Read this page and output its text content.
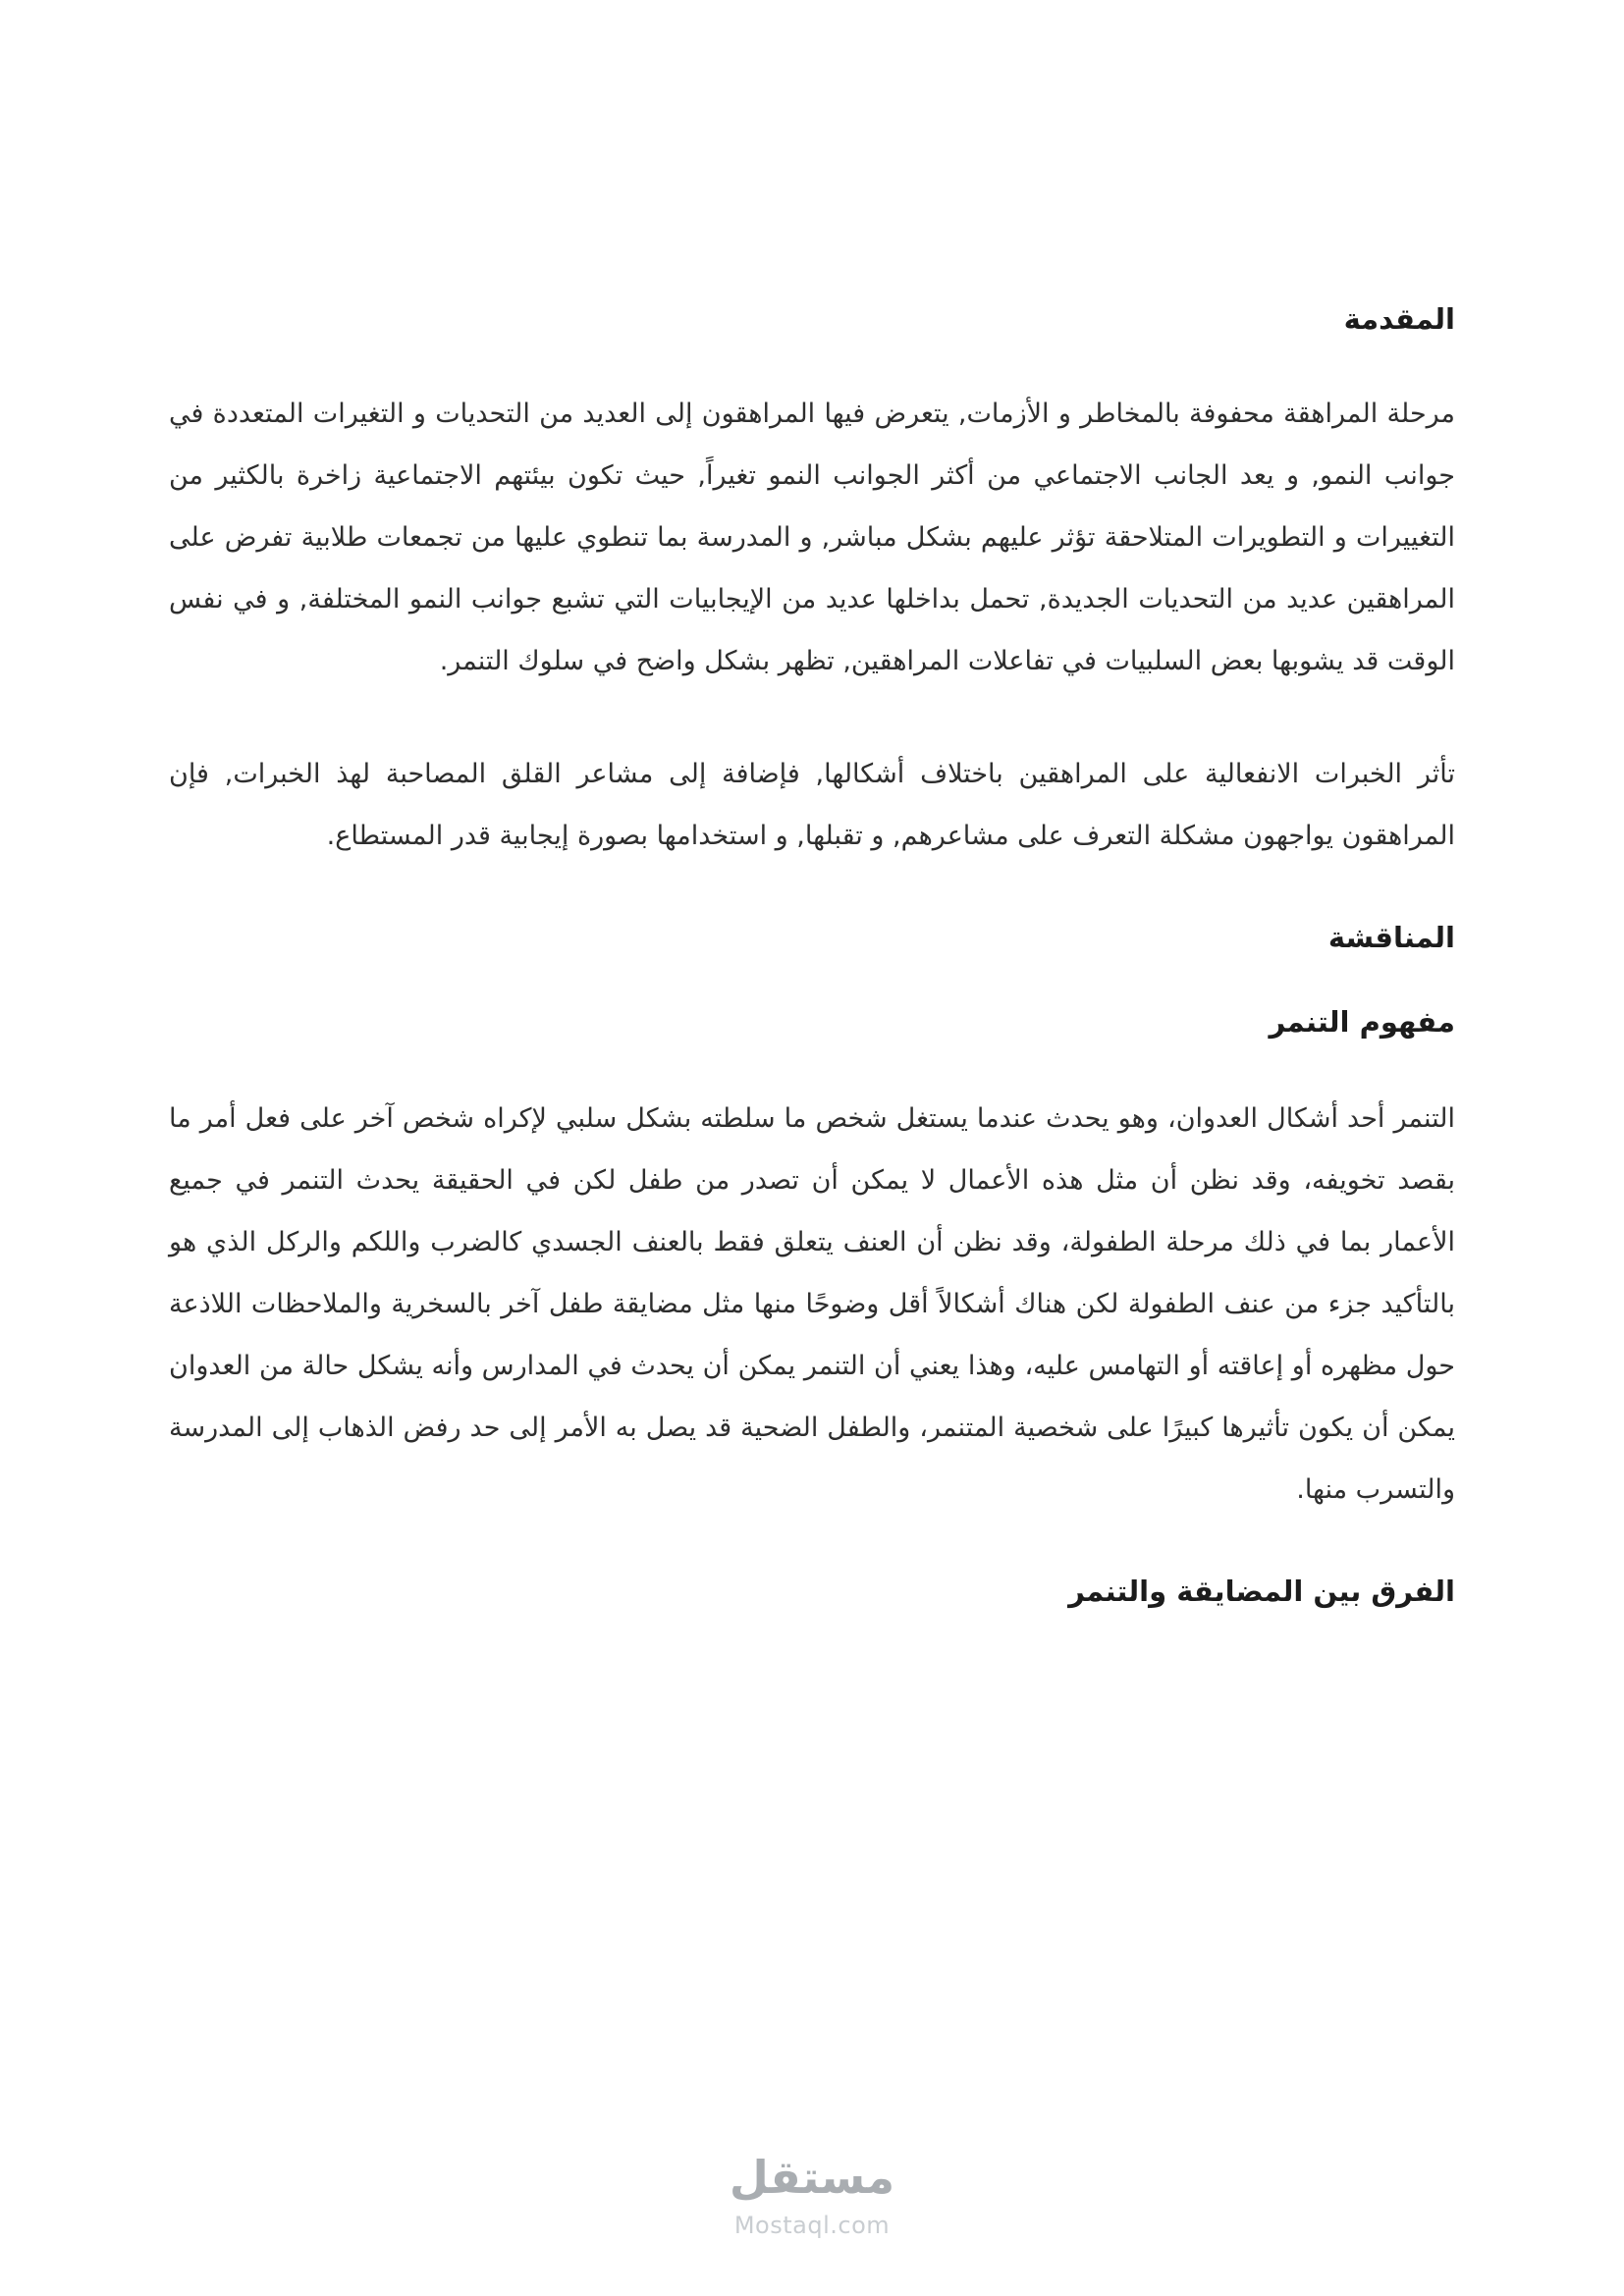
المقدمة

مرحلة المراهقة محفوفة بالمخاطر و الأزمات, يتعرض فيها المراهقون إلى العديد من التحديات و التغيرات المتعددة في جوانب النمو, و يعد الجانب الاجتماعي من أكثر الجوانب النمو تغيراً, حيث تكون بيئتهم الاجتماعية زاخرة بالكثير من التغييرات و التطويرات المتلاحقة تؤثر عليهم بشكل مباشر, و المدرسة بما تنطوي عليها من تجمعات طلابية تفرض على المراهقين عديد من التحديات الجديدة, تحمل بداخلها عديد من الإيجابيات التي تشبع جوانب النمو المختلفة, و في نفس الوقت قد يشوبها بعض السلبيات في تفاعلات المراهقين, تظهر بشكل واضح في سلوك التنمر.

تأثر الخبرات الانفعالية على المراهقين باختلاف أشكالها, فإضافة إلى مشاعر القلق المصاحبة لهذ الخبرات, فإن المراهقون يواجهون مشكلة التعرف على مشاعرهم, و تقبلها, و استخدامها بصورة إيجابية قدر المستطاع.

المناقشة
مفهوم التنمر

التنمر أحد أشكال العدوان، وهو يحدث عندما يستغل شخص ما سلطته بشكل سلبي لإكراه شخص آخر على فعل أمر ما بقصد تخويفه، وقد نظن أن مثل هذه الأعمال لا يمكن أن تصدر من طفل لكن في الحقيقة يحدث التنمر في جميع الأعمار بما في ذلك مرحلة الطفولة، وقد نظن أن العنف يتعلق فقط بالعنف الجسدي كالضرب واللكم والركل الذي هو بالتأكيد جزء من عنف الطفولة لكن هناك أشكالاً أقل وضوحًا منها مثل مضايقة طفل آخر بالسخرية والملاحظات اللاذعة حول مظهره أو إعاقته أو التهامس عليه، وهذا يعني أن التنمر يمكن أن يحدث في المدارس وأنه يشكل حالة من العدوان يمكن أن يكون تأثيرها كبيرًا على شخصية المتنمر، والطفل الضحية قد يصل به الأمر إلى حد رفض الذهاب إلى المدرسة والتسرب منها.

الفرق بين المضايقة والتنمر
مستقل
Mostaql.com
